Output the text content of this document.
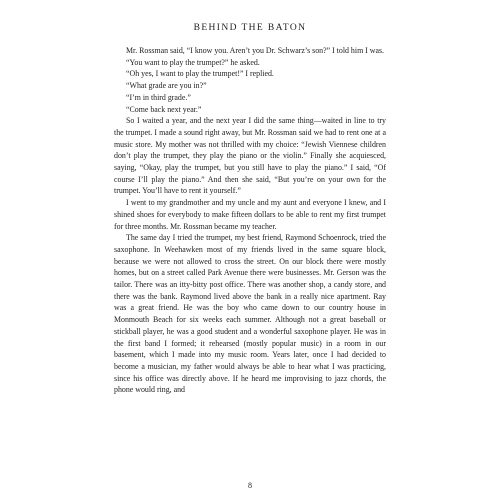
BEHIND THE BATON

Mr. Rossman said, “I know you. Aren’t you Dr. Schwarz’s son?” I told him I was.

“You want to play the trumpet?” he asked.

“Oh yes, I want to play the trumpet!” I replied.

“What grade are you in?”

“I’m in third grade.”

“Come back next year.”

So I waited a year, and the next year I did the same thing—waited in line to try the trumpet. I made a sound right away, but Mr. Rossman said we had to rent one at a music store. My mother was not thrilled with my choice: “Jewish Viennese children don’t play the trumpet, they play the piano or the violin.” Finally she acquiesced, saying, “Okay, play the trumpet, but you still have to play the piano.” I said, “Of course I’ll play the piano.” And then she said, “But you’re on your own for the trumpet. You’ll have to rent it yourself.”

I went to my grandmother and my uncle and my aunt and everyone I knew, and I shined shoes for everybody to make fifteen dollars to be able to rent my first trumpet for three months. Mr. Rossman became my teacher.

The same day I tried the trumpet, my best friend, Raymond Schoenrock, tried the saxophone. In Weehawken most of my friends lived in the same square block, because we were not allowed to cross the street. On our block there were mostly homes, but on a street called Park Avenue there were businesses. Mr. Gerson was the tailor. There was an itty-bitty post office. There was another shop, a candy store, and there was the bank. Raymond lived above the bank in a really nice apartment. Ray was a great friend. He was the boy who came down to our country house in Monmouth Beach for six weeks each summer. Although not a great baseball or stickball player, he was a good student and a wonderful saxophone player. He was in the first band I formed; it rehearsed (mostly popular music) in a room in our basement, which I made into my music room. Years later, once I had decided to become a musician, my father would always be able to hear what I was practicing, since his office was directly above. If he heard me improvising to jazz chords, the phone would ring, and

8
